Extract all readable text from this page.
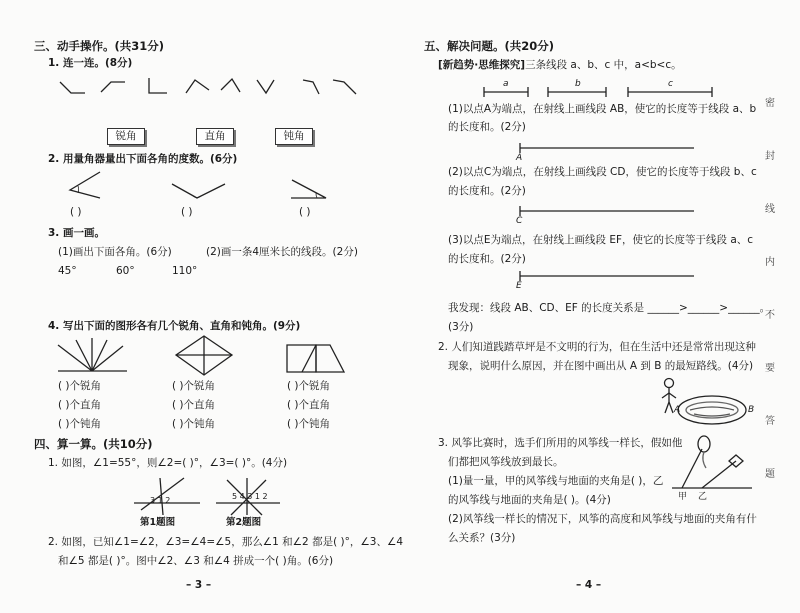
三、动手操作。(共31分)
1. 连一连。(8分)
锐角	直角	钝角
2. 用量角器量出下面各角的度数。(6分)
( )	( )	( )
3. 画一画。
(1)画出下面各角。(6分)	(2)画一条4厘米长的线段。(2分)
45°	60°	110°
4. 写出下面的图形各有几个锐角、直角和钝角。(9分)
( )个锐角
( )个直角
( )个钝角
( )个锐角
( )个直角
( )个钝角
( )个锐角
( )个直角
( )个钝角
四、算一算。(共10分)
1. 如图，∠1=55°，则∠2=( )°，∠3=( )°。(4分)
3 1 2	5 4 3 1 2
第1题图	第2题图
2. 如图，已知∠1=∠2，∠3=∠4=∠5，那么∠1 和∠2 都是( )°，∠3、∠4
和∠5 都是( )°。图中∠2、∠3 和∠4 拼成一个( )角。(6分)
– 3 –
五、解决问题。(共20分)
[新趋势·思维探究]三条线段 a、b、c 中，a<b<c。
a	b	c
(1)以点A为端点，在射线上画线段 AB，使它的长度等于线段 a、b
的长度和。(2分)
A
(2)以点C为端点，在射线上画线段 CD，使它的长度等于线段 b、c
的长度和。(2分)
C
(3)以点E为端点，在射线上画线段 EF，使它的长度等于线段 a、c
的长度和。(2分)
E
我发现：线段 AB、CD、EF 的长度关系是 ______>______>______。
(3分)
2. 人们知道践踏草坪是不文明的行为，但在生活中还是常常出现这种
现象，说明什么原因，并在图中画出从 A 到 B 的最短路线。(4分)
A	B
3. 风筝比赛时，选手们所用的风筝线一样长，假如他
们都把风筝线放到最长。
(1)量一量，甲的风筝线与地面的夹角是( )，乙
的风筝线与地面的夹角是( )。(4分)
(2)风筝线一样长的情况下，风筝的高度和风筝线与地面的夹角有什
么关系？(3分)
甲 乙
– 4 –
密
封
线
内
不
要
答
题
